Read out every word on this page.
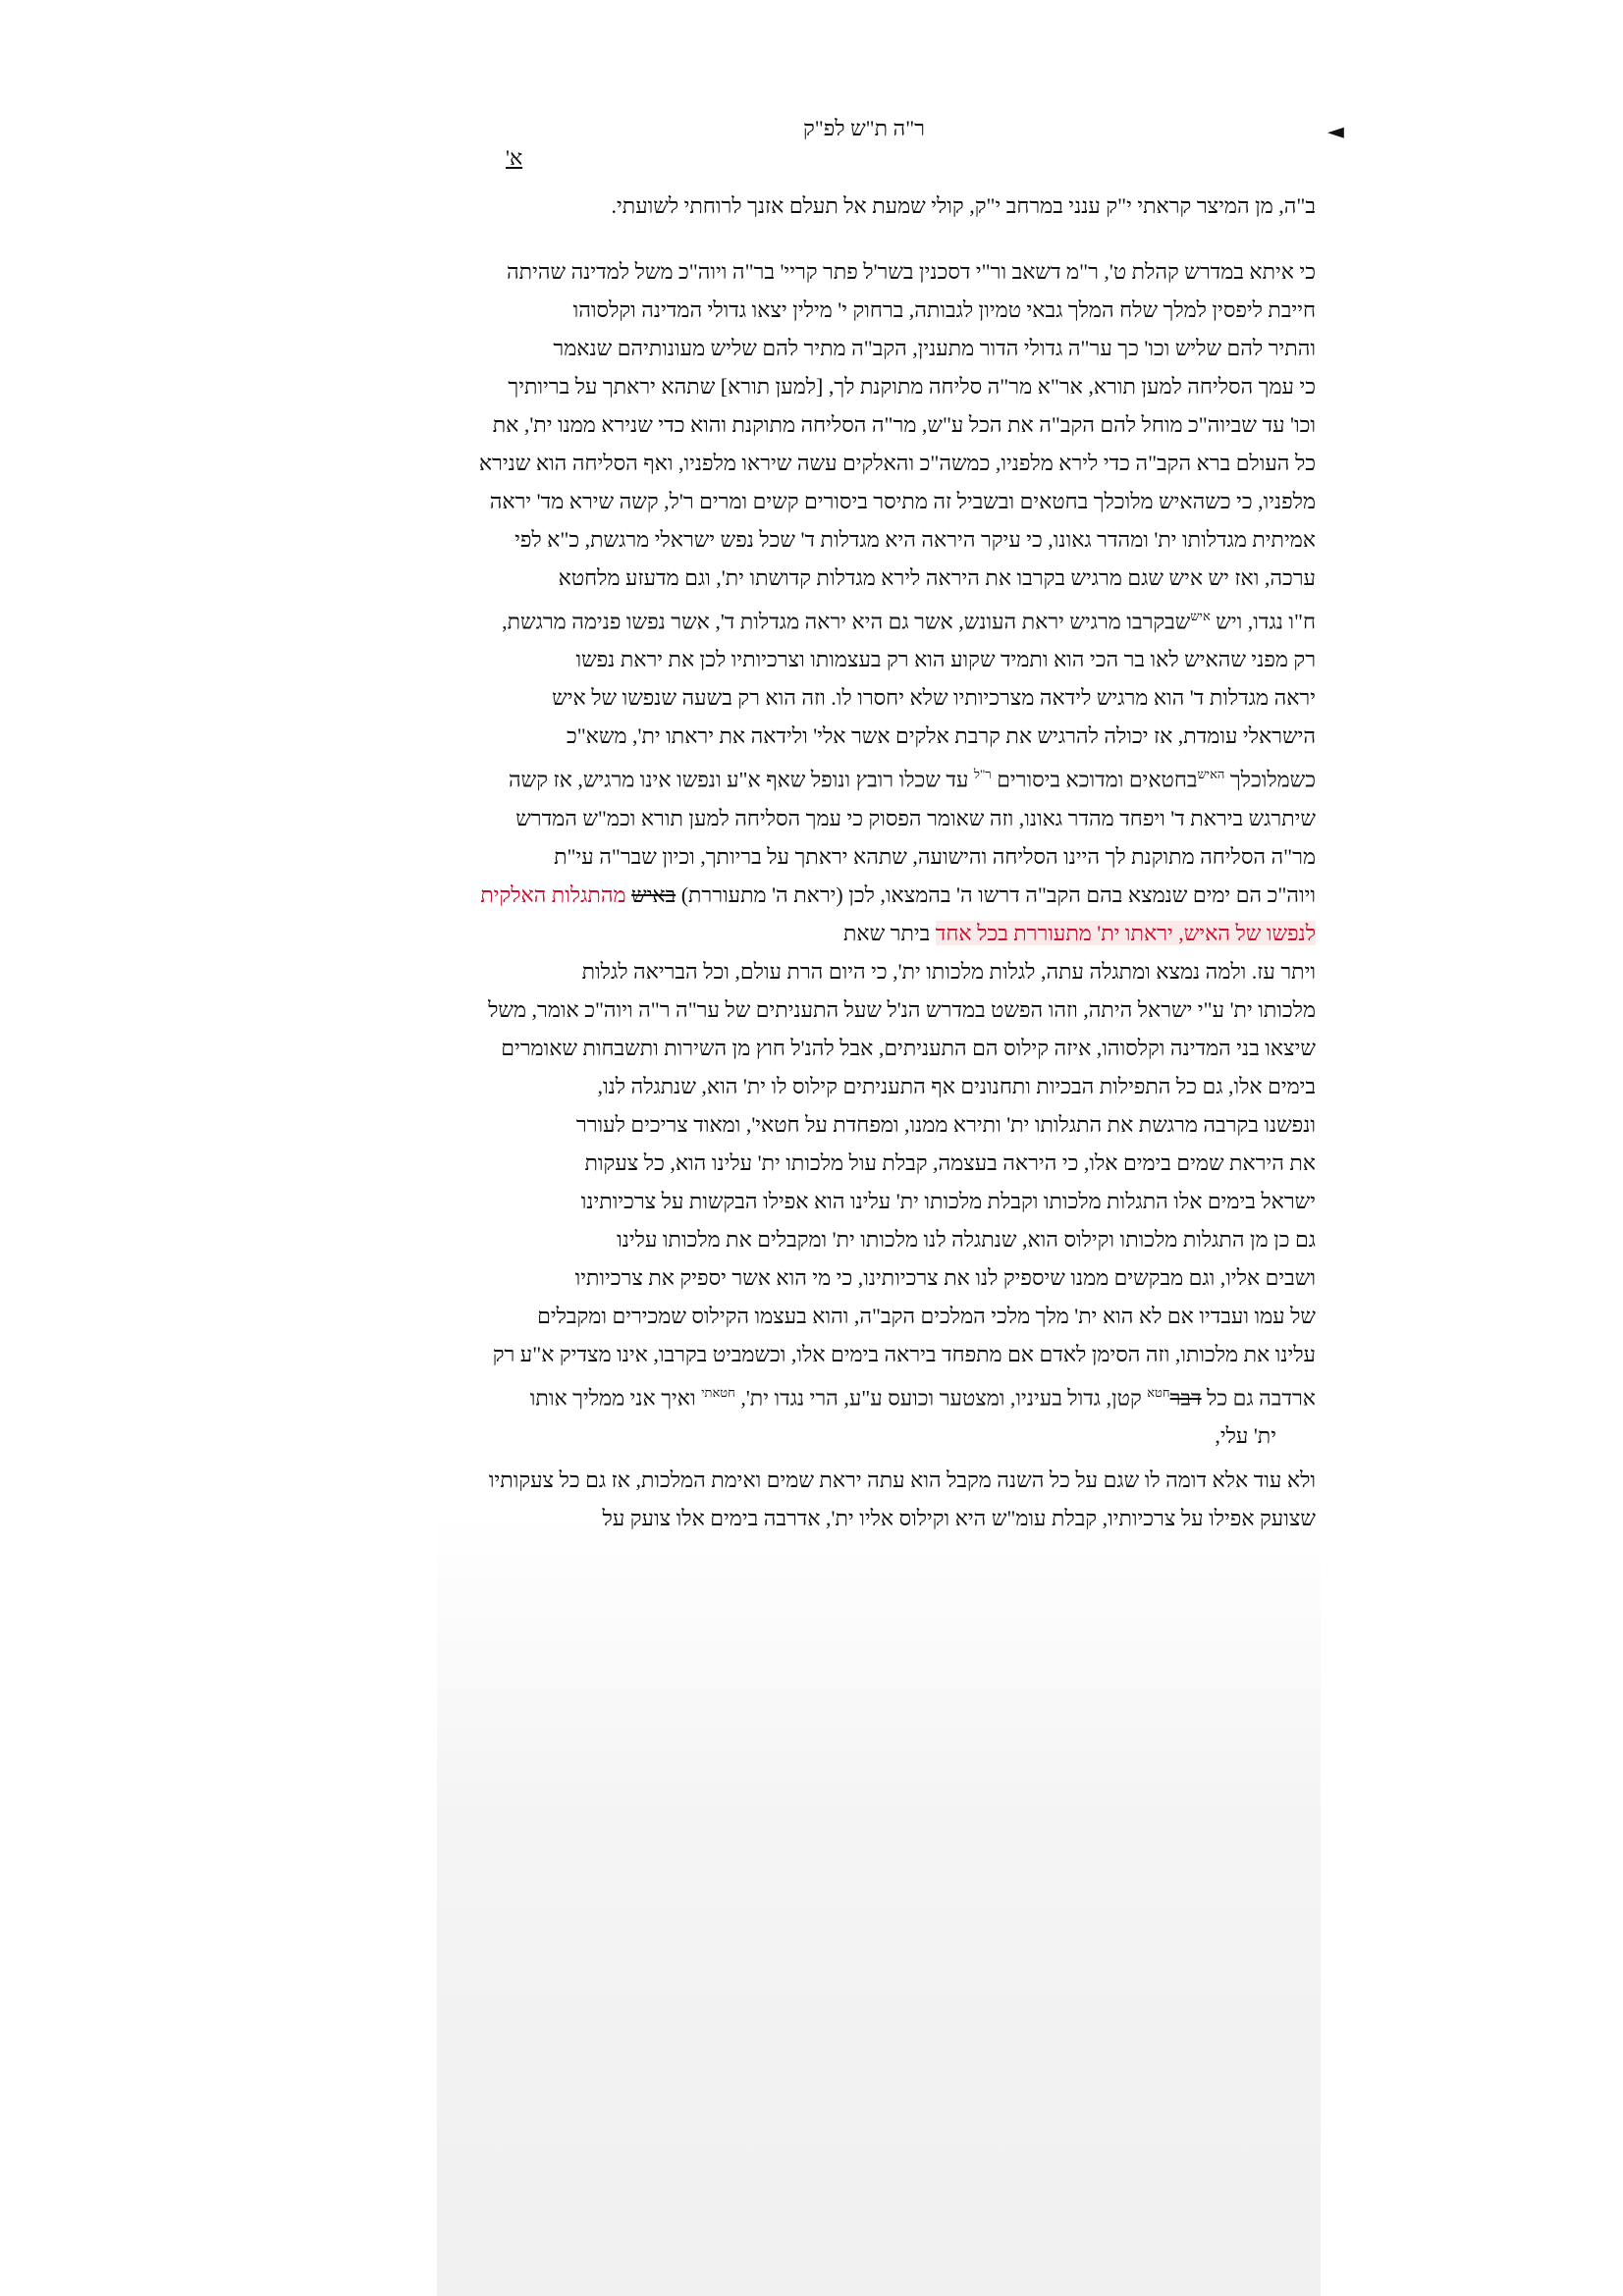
◄
ר"ה ת"ש לפ"ק
א'

ב"ה, מן המיצר קראתי י"ק ענני במרחב י"ק, קולי שמעת אל תעלם אזנך לרוחתי לשועתי.

כי איתא במדרש קהלת ט', ר"מ דשאב ור"י דסכנין בשר'ל פתר קריי' בר"ה ויוה"כ משל למדינה שהיתה
חייבת ליפסין למלך שלח המלך גבאי טמיון לגבותה, ברחוק י' מילין יצאו גדולי המדינה וקלסוהו
והתיר להם שליש וכו' כך ער"ה גדולי הדור מתענין, הקב"ה מתיר להם שליש מעונותיהם שנאמר
כי עמך הסליחה למען תורא, אר"א מר"ה סליחה מתוקנת לך, [למען תורא] שתהא יראתך על בריותיך
וכו' עד שביוה"כ מוחל להם הקב"ה את הכל ע"ש, מר"ה הסליחה מתוקנת והוא כדי שנירא ממנו ית', את
כל העולם ברא הקב"ה כדי לירא מלפניו, כמשה"כ והאלקים עשה שיראו מלפניו, ואף הסליחה הוא שנירא
מלפניו, כי כשהאיש מלוכלך בחטאים ובשביל זה מתיסר ביסורים קשים ומרים ר'ל, קשה שירא מד' יראה
אמיתית מגדלותו ית' ומהדר גאונו, כי עיקר היראה היא מגדלות ד' שכל נפש ישראלי מרגשת, כ"א לפי
ערכה, ואז יש איש שגם מרגיש בקרבו את היראה לירא מגדלות קדושתו ית', וגם מדעזע מלחטא
ח"ו נגדו, ויש $^{איש}$שבקרבו מרגיש יראת העונש, אשר גם היא יראה מגדלות ד', אשר נפשו פנימה מרגשת,
רק מפני שהאיש לאו בר הכי הוא ותמיד שקוע הוא רק בעצמותו וצרכיותיו לכן את יראת נפשו
יראה מגדלות ד' הוא מרגיש לידאה מצרכיותיו שלא יחסרו לו. וזה הוא רק בשעה שנפשו של איש
הישראלי עומדת, אז יכולה להרגיש את קרבת אלקים אשר אלי' ולידאה את יראתו ית', משא"כ
כשמלוכלך $^{האיש}$בחטאים ומדוכא ביסורים $^{ר"ל}$ עד שכלו רובץ ונופל שאף א"ע ונפשו אינו מרגיש, אז קשה
שיתרגש ביראת ד' ויפחד מהדר גאונו, וזה שאומר הפסוק כי עמך הסליחה למען תורא וכמ"ש המדרש
מר"ה הסליחה מתוקנת לך היינו הסליחה והישועה, שתהא יראתך על בריותך, וכיון שבר"ה עי"ת
ויוה"כ הם ימים שנמצא בהם הקב"ה דרשו ה' בהמצאו, לכן (יראת ה' מתעוררת) באיש מהתגלות האלקית
לנפשו של האיש, יראתו ית' מתעוררת בכל אחד ביתר שאת
ויתר עז. ולמה נמצא ומתגלה עתה, לגלות מלכותו ית', כי היום הרת עולם, וכל הבריאה לגלות
מלכותו ית' ע"י ישראל היתה, וזהו הפשט במדרש הנ'ל שעל התעניתים של ער"ה ר"ה ויוה"כ אומר, משל
שיצאו בני המדינה וקלסוהו, איזה קילוס הם התעניתים, אבל להנ'ל חוץ מן השירות ותשבחות שאומרים
בימים אלו, גם כל התפילות הבכיות ותחנונים אף התעניתים קילוס לו ית' הוא, שנתגלה לנו,
ונפשנו בקרבה מרגשת את התגלותו ית' ותירא ממנו, ומפחדת על חטאי', ומאוד צריכים לעורר
את היראת שמים בימים אלו, כי היראה בעצמה, קבלת עול מלכותו ית' עלינו הוא, כל צעקות
ישראל בימים אלו התגלות מלכותו וקבלת מלכותו ית' עלינו הוא אפילו הבקשות על צרכיותינו
גם כן מן התגלות מלכותו וקילוס הוא, שנתגלה לנו מלכותו ית' ומקבלים את מלכותו עלינו
ושבים אליו, וגם מבקשים ממנו שיספיק לנו את צרכיותינו, כי מי הוא אשר יספיק את צרכיותיו
של עמו ועבדיו אם לא הוא ית' מלך מלכי המלכים הקב"ה, והוא בעצמו הקילוס שמכירים ומקבלים
עלינו את מלכותו, וזה הסימן לאדם אם מתפחד ביראה בימים אלו, וכשמביט בקרבו, אינו מצדיק א"ע רק
ארדבה גם כל דבר$^{חטא}$ קטן, גדול בעיניו, ומצטער וכועס ע"ע, הרי נגדו ית', $^{חטאתי}$ ואיך אני ממליך אותו
ית' עלי,
ולא עוד אלא דומה לו שגם על כל השנה מקבל הוא עתה יראת שמים ואימת המלכות, אז גם כל צעקותיו
שצועק אפילו על צרכיותיו, קבלת עומ"ש היא וקילוס אליו ית', אדרבה בימים אלו צועק על
